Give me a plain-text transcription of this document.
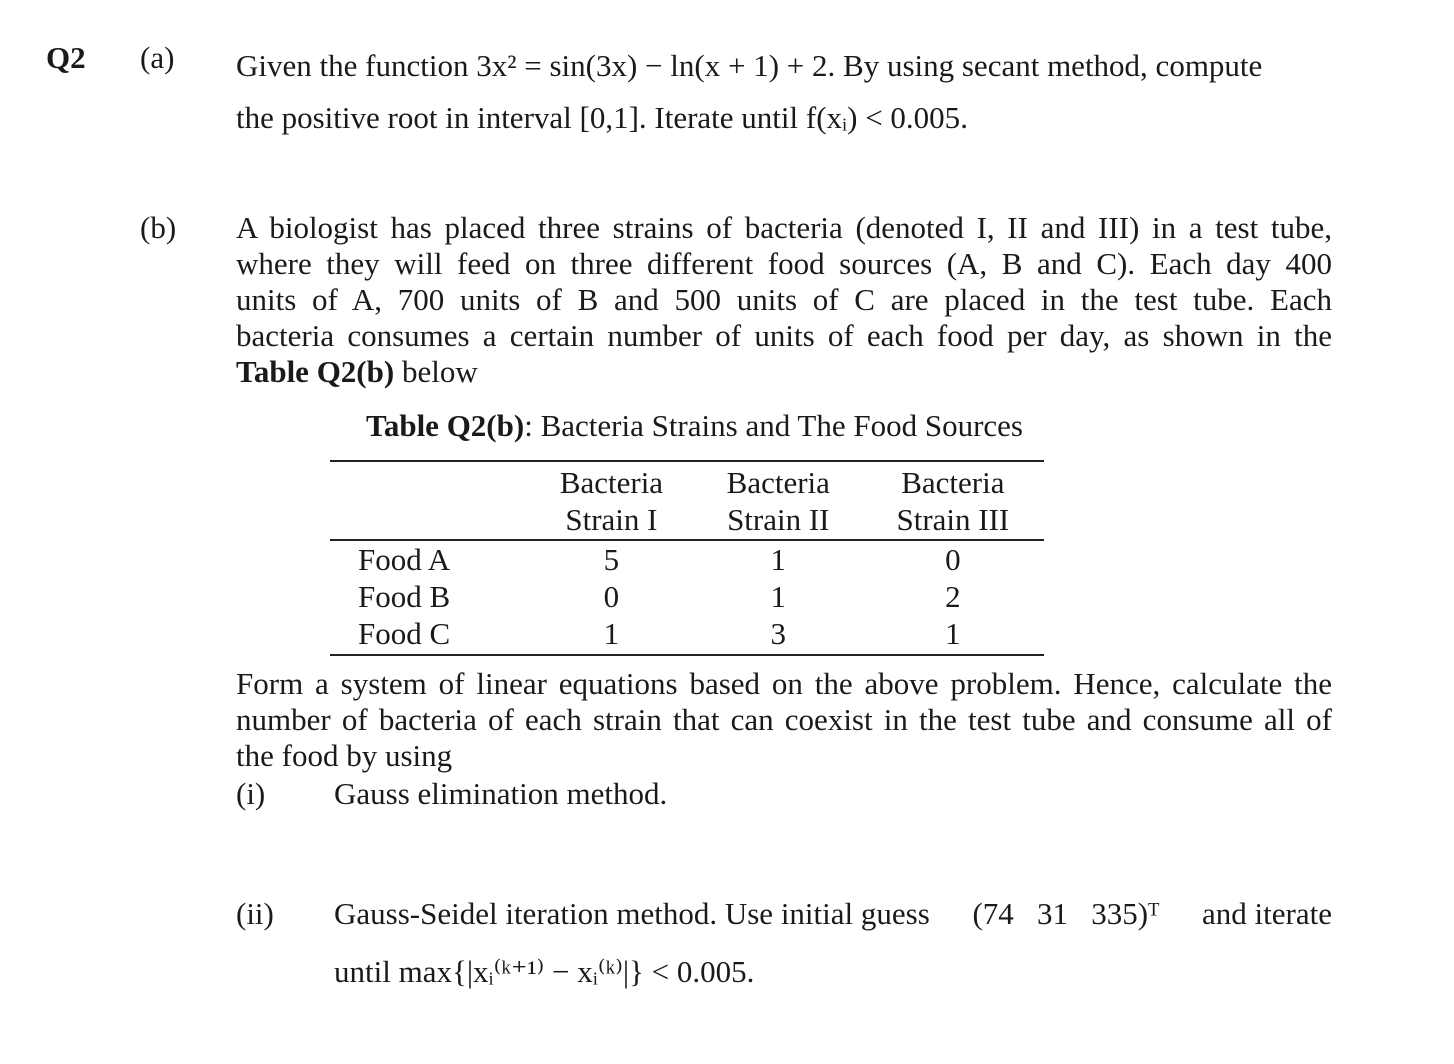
Q2 (a) Given the function 3x² = sin(3x) − ln(x + 1) + 2. By using secant method, compute
the positive root in interval [0,1]. Iterate until f(xᵢ) < 0.005.
(b) A biologist has placed three strains of bacteria (denoted I, II and III) in a test tube,
where they will feed on three different food sources (A, B and C). Each day 400
units of A, 700 units of B and 500 units of C are placed in the test tube. Each
bacteria consumes a certain number of units of each food per day, as shown in the
Table Q2(b) below
Table Q2(b): Bacteria Strains and The Food Sources
	Bacteria	Bacteria	Bacteria
	Strain I	Strain II	Strain III
Food A	5	1	0
Food B	0	1	2
Food C	1	3	1
Form a system of linear equations based on the above problem. Hence, calculate the
number of bacteria of each strain that can coexist in the test tube and consume all of
the food by using
(i) Gauss elimination method.
(ii) Gauss-Seidel iteration method. Use initial guess (74   31   335)ᵀ and iterate
until max{|xᵢ⁽ᵏ⁺¹⁾ − xᵢ⁽ᵏ⁾|} < 0.005.
